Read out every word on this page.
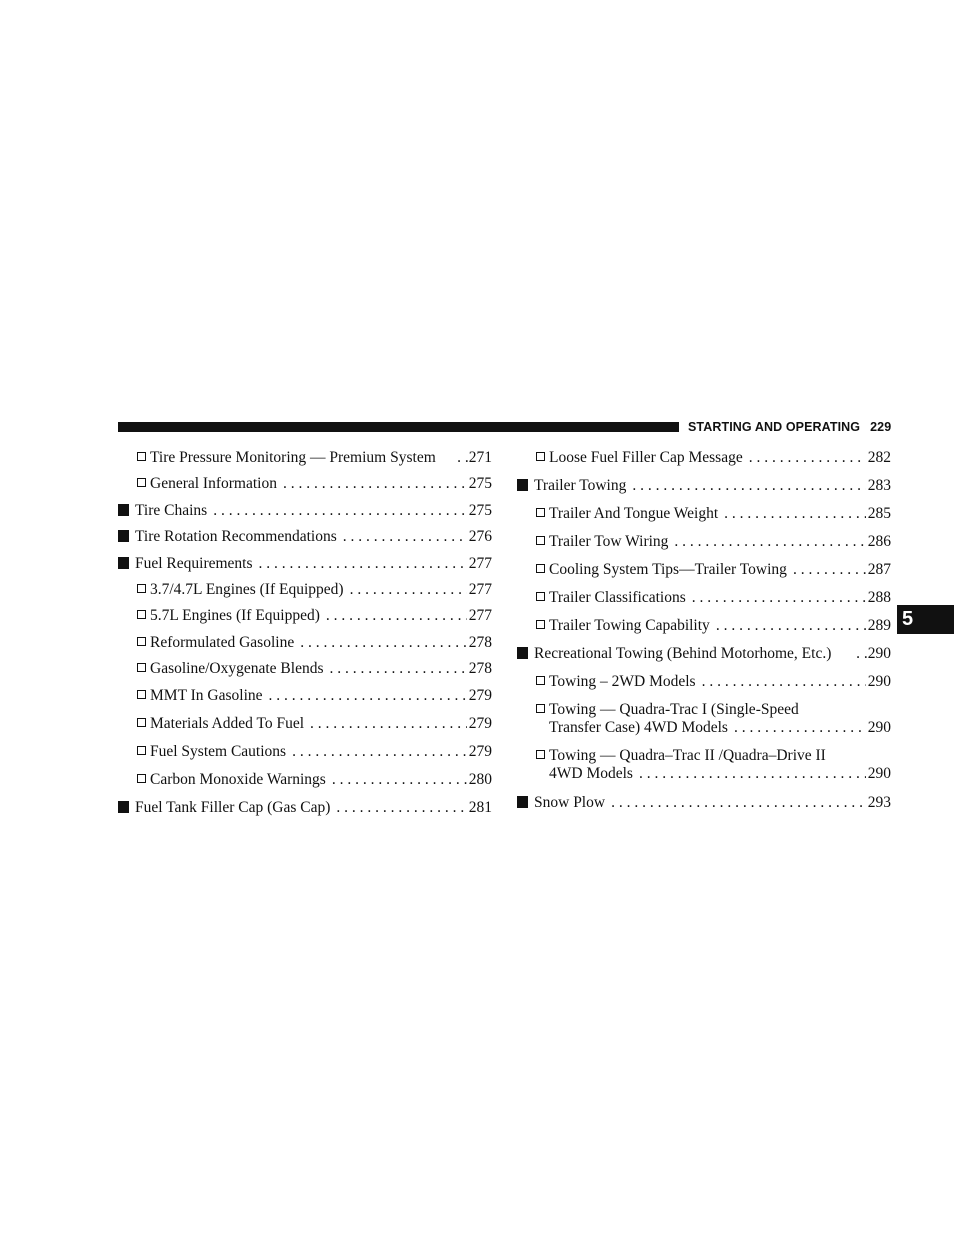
STARTING AND OPERATING 229
5
Tire Pressure Monitoring — Premium System . .271
General Information . . .	275
Tire Chains . . .	275
Tire Rotation Recommendations . . .	276
Fuel Requirements . . .	277
3.7/4.7L Engines (If Equipped) . . .	277
5.7L Engines (If Equipped) . . .	277
Reformulated Gasoline . . .	278
Gasoline/Oxygenate Blends . . .	278
MMT In Gasoline . . .	279
Materials Added To Fuel . . .	279
Fuel System Cautions . . .	279
Carbon Monoxide Warnings . . .	280
Fuel Tank Filler Cap (Gas Cap) . . .	281
Loose Fuel Filler Cap Message . . .	282
Trailer Towing . . .	283
Trailer And Tongue Weight . . .	285
Trailer Tow Wiring . . .	286
Cooling System Tips—Trailer Towing . . .	287
Trailer Classifications . . .	288
Trailer Towing Capability . . .	289
Recreational Towing (Behind Motorhome, Etc.) . .290
Towing – 2WD Models . . .	290
Towing — Quadra-Trac I (Single-Speed
Transfer Case) 4WD Models . . .	290
Towing — Quadra–Trac II /Quadra–Drive II
4WD Models . . .	290
Snow Plow . . .	293
